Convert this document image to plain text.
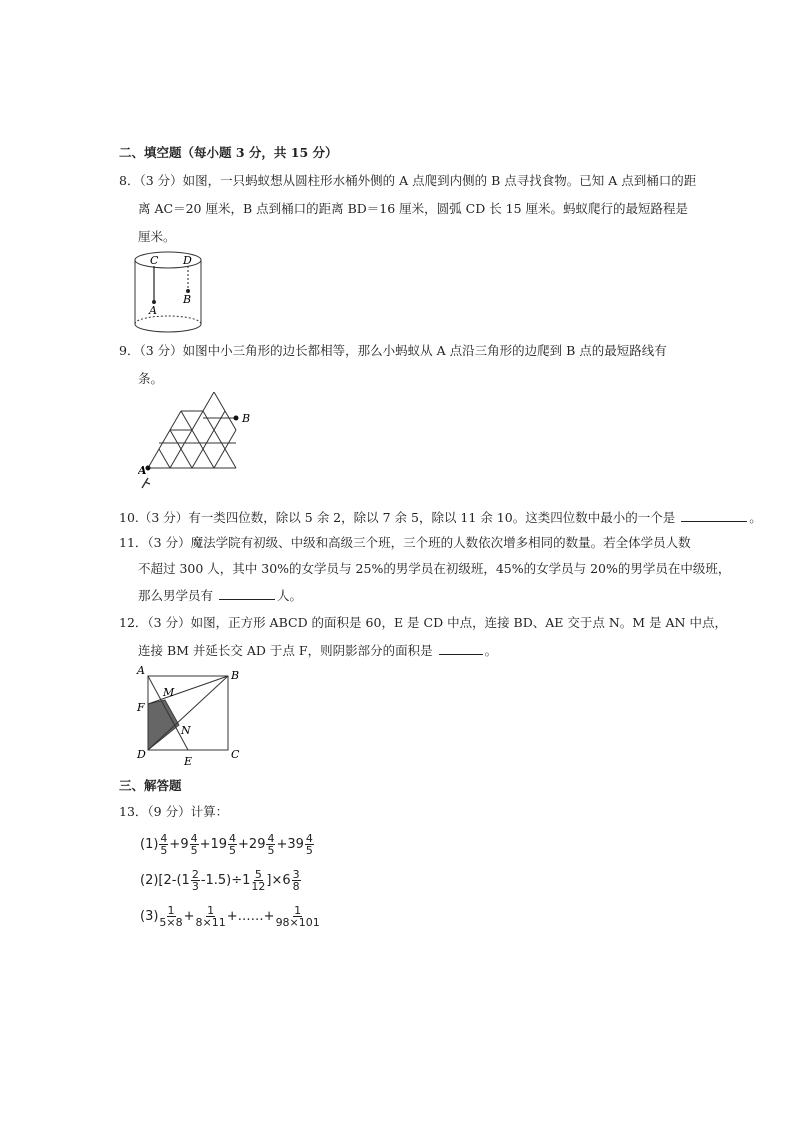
二、填空题（每小题 3 分，共 15 分）
8．（3 分）如图，一只蚂蚁想从圆柱形水桶外侧的 A 点爬到内侧的 B 点寻找食物。已知 A 点到桶口的距
离 AC＝20 厘米，B 点到桶口的距离 BD＝16 厘米，圆弧 CD 长 15 厘米。蚂蚁爬行的最短路程是
厘米。
C D
A
B
9．（3 分）如图中小三角形的边长都相等，那么小蚂蚁从 A 点沿三角形的边爬到 B 点的最短路线有
条。
A
B
10.（3 分）有一类四位数，除以 5 余 2，除以 7 余 5，除以 11 余 10。这类四位数中最小的一个是	。
11．（3 分）魔法学院有初级、中级和高级三个班，三个班的人数依次增多相同的数量。若全体学员人数
不超过 300 人，其中 30%的女学员与 25%的男学员在初级班，45%的女学员与 20%的男学员在中级班，
那么男学员有	人。
12．（3 分）如图，正方形 ABCD 的面积是 60，E 是 CD 中点，连接 BD、AE 交于点 N。M 是 AN 中点，
连接 BM 并延长交 AD 于点 F，则阴影部分的面积是	。
A	B
C
D
E
F
M
N
三、解答题
13．（9 分）计算：
$(1) \frac{4}{5} +9 \frac{4}{5} +19 \frac{4}{5} +29 \frac{4}{5} +39 \frac{4}{5}$
(2) $[2-(1 \frac{2}{3} -1.5)\div 1 \frac{5}{12} ]\times 6 \frac{3}{8}$
$(3) \frac{1}{5\times 8} + \frac{1}{8\times 11}$ +……+ $\frac{1}{98\times 101}$
